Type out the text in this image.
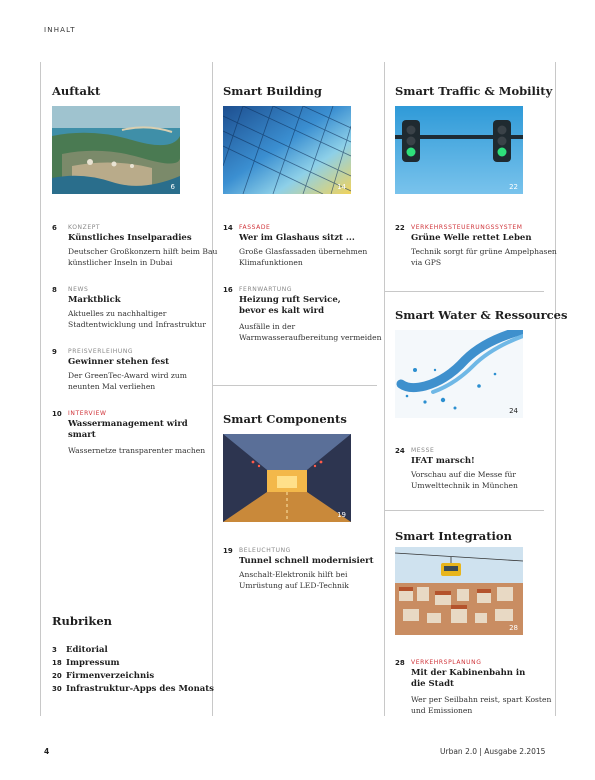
INHALT
Auftakt
6
6 KONZEPT
Künstliches Inselparadies
Deutscher Großkonzern hilft beim Bau künstlicher Inseln in Dubai
8 NEWS
Marktblick
Aktuelles zu nachhaltiger Stadtentwicklung und Infrastruktur
9 PREISVERLEIHUNG
Gewinner stehen fest
Der GreenTec-Award wird zum neunten Mal verliehen
10 INTERVIEW
Wassermanagement wird smart
Wassernetze transparenter machen
Rubriken
3 Editorial
18 Impressum
20 Firmenverzeichnis
30 Infrastruktur-Apps des Monats
Smart Building
14
14 FASSADE
Wer im Glashaus sitzt ...
Große Glasfassaden übernehmen Klimafunktionen
16 FERNWARTUNG
Heizung ruft Service, bevor es kalt wird
Ausfälle in der Warmwasseraufbereitung vermeiden
Smart Components
19
19 BELEUCHTUNG
Tunnel schnell modernisiert
Anschalt-Elektronik hilft bei Umrüstung auf LED-Technik
Smart Traffic & Mobility
22
22 VERKEHRSSTEUERUNGSSYSTEM
Grüne Welle rettet Leben
Technik sorgt für grüne Ampelphasen via GPS
Smart Water & Ressources
24
24 MESSE
IFAT marsch!
Vorschau auf die Messe für Umwelttechnik in München
Smart Integration
28
28 VERKEHRSPLANUNG
Mit der Kabinenbahn in die Stadt
Wer per Seilbahn reist, spart Kosten und Emissionen
4	Urban 2.0 | Ausgabe 2.2015
